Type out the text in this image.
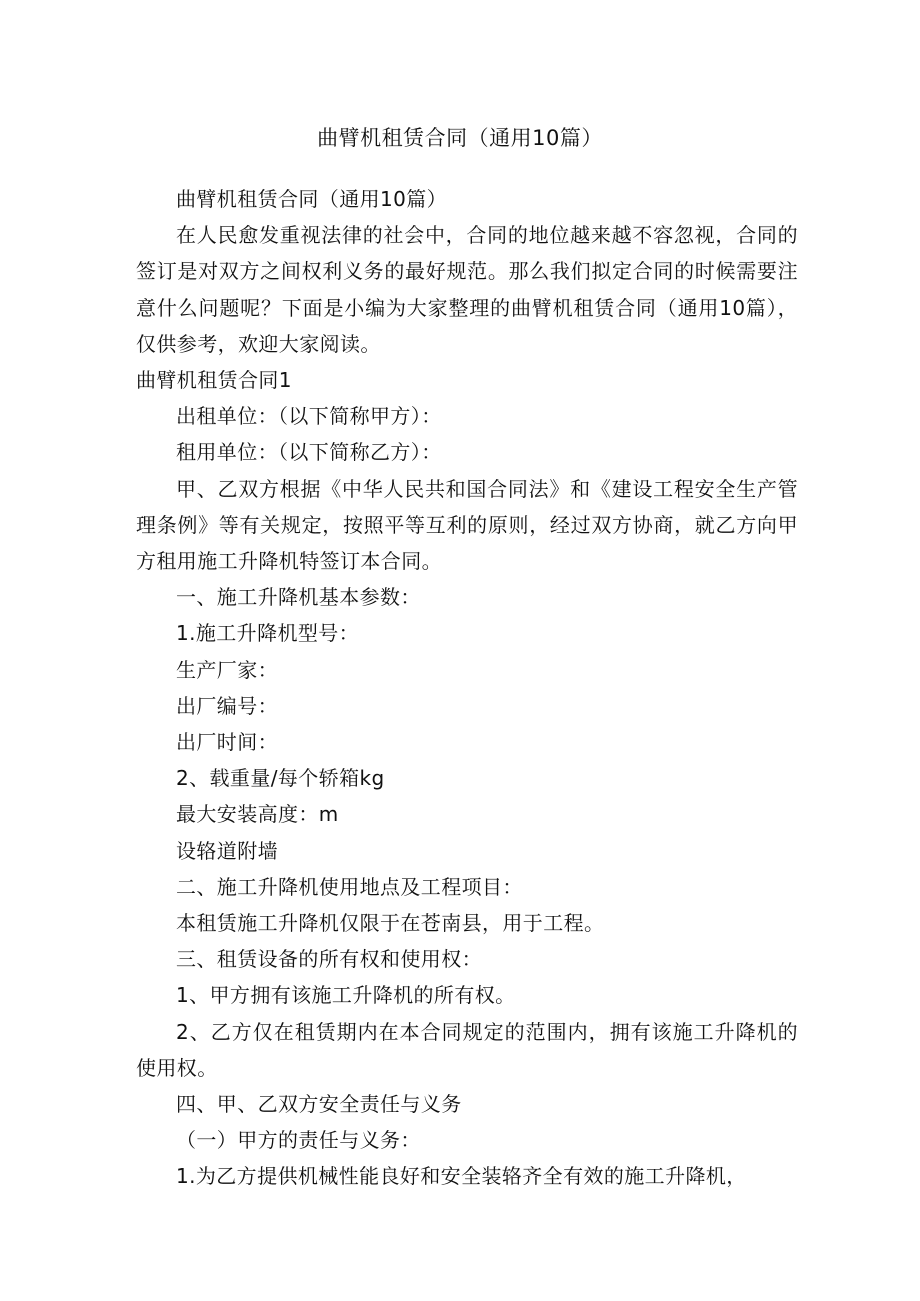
曲臂机租赁合同（通用10篇）

曲臂机租赁合同（通用10篇）

在人民愈发重视法律的社会中，合同的地位越来越不容忽视，合同的签订是对双方之间权利义务的最好规范。那么我们拟定合同的时候需要注意什么问题呢？下面是小编为大家整理的曲臂机租赁合同（通用10篇），仅供参考，欢迎大家阅读。

曲臂机租赁合同1

出租单位：（以下简称甲方）：

租用单位：（以下简称乙方）：

甲、乙双方根据《中华人民共和国合同法》和《建设工程安全生产管理条例》等有关规定，按照平等互利的原则，经过双方协商，就乙方向甲方租用施工升降机特签订本合同。

一、施工升降机基本参数：

1.施工升降机型号：

生产厂家：

出厂编号：

出厂时间：

2、载重量/每个轿箱kg

最大安装高度：m

设辂道附墙

二、施工升降机使用地点及工程项目：

本租赁施工升降机仅限于在苍南县，用于工程。

三、租赁设备的所有权和使用权：

1、甲方拥有该施工升降机的所有权。

2、乙方仅在租赁期内在本合同规定的范围内，拥有该施工升降机的使用权。

四、甲、乙双方安全责任与义务

（一）甲方的责任与义务：

1.为乙方提供机械性能良好和安全装辂齐全有效的施工升降机，
